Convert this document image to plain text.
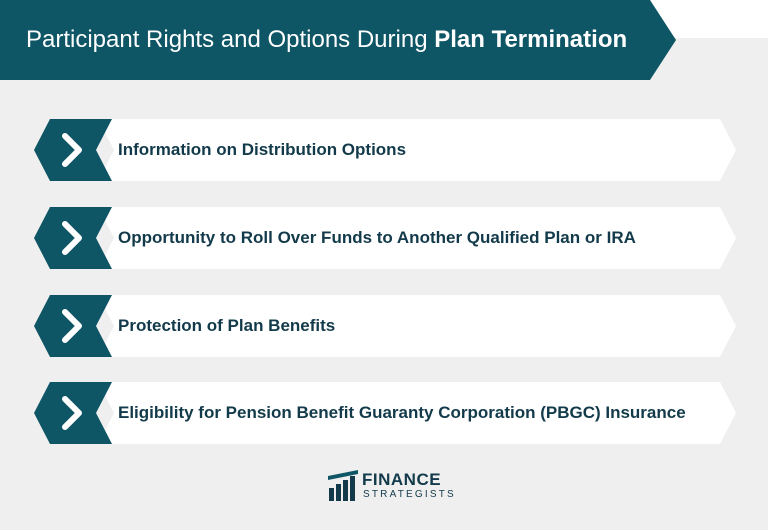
Participant Rights and Options During Plan Termination
Information on Distribution Options
Opportunity to Roll Over Funds to Another Qualified Plan or IRA
Protection of Plan Benefits
Eligibility for Pension Benefit Guaranty Corporation (PBGC) Insurance
FINANCE
STRATEGISTS
